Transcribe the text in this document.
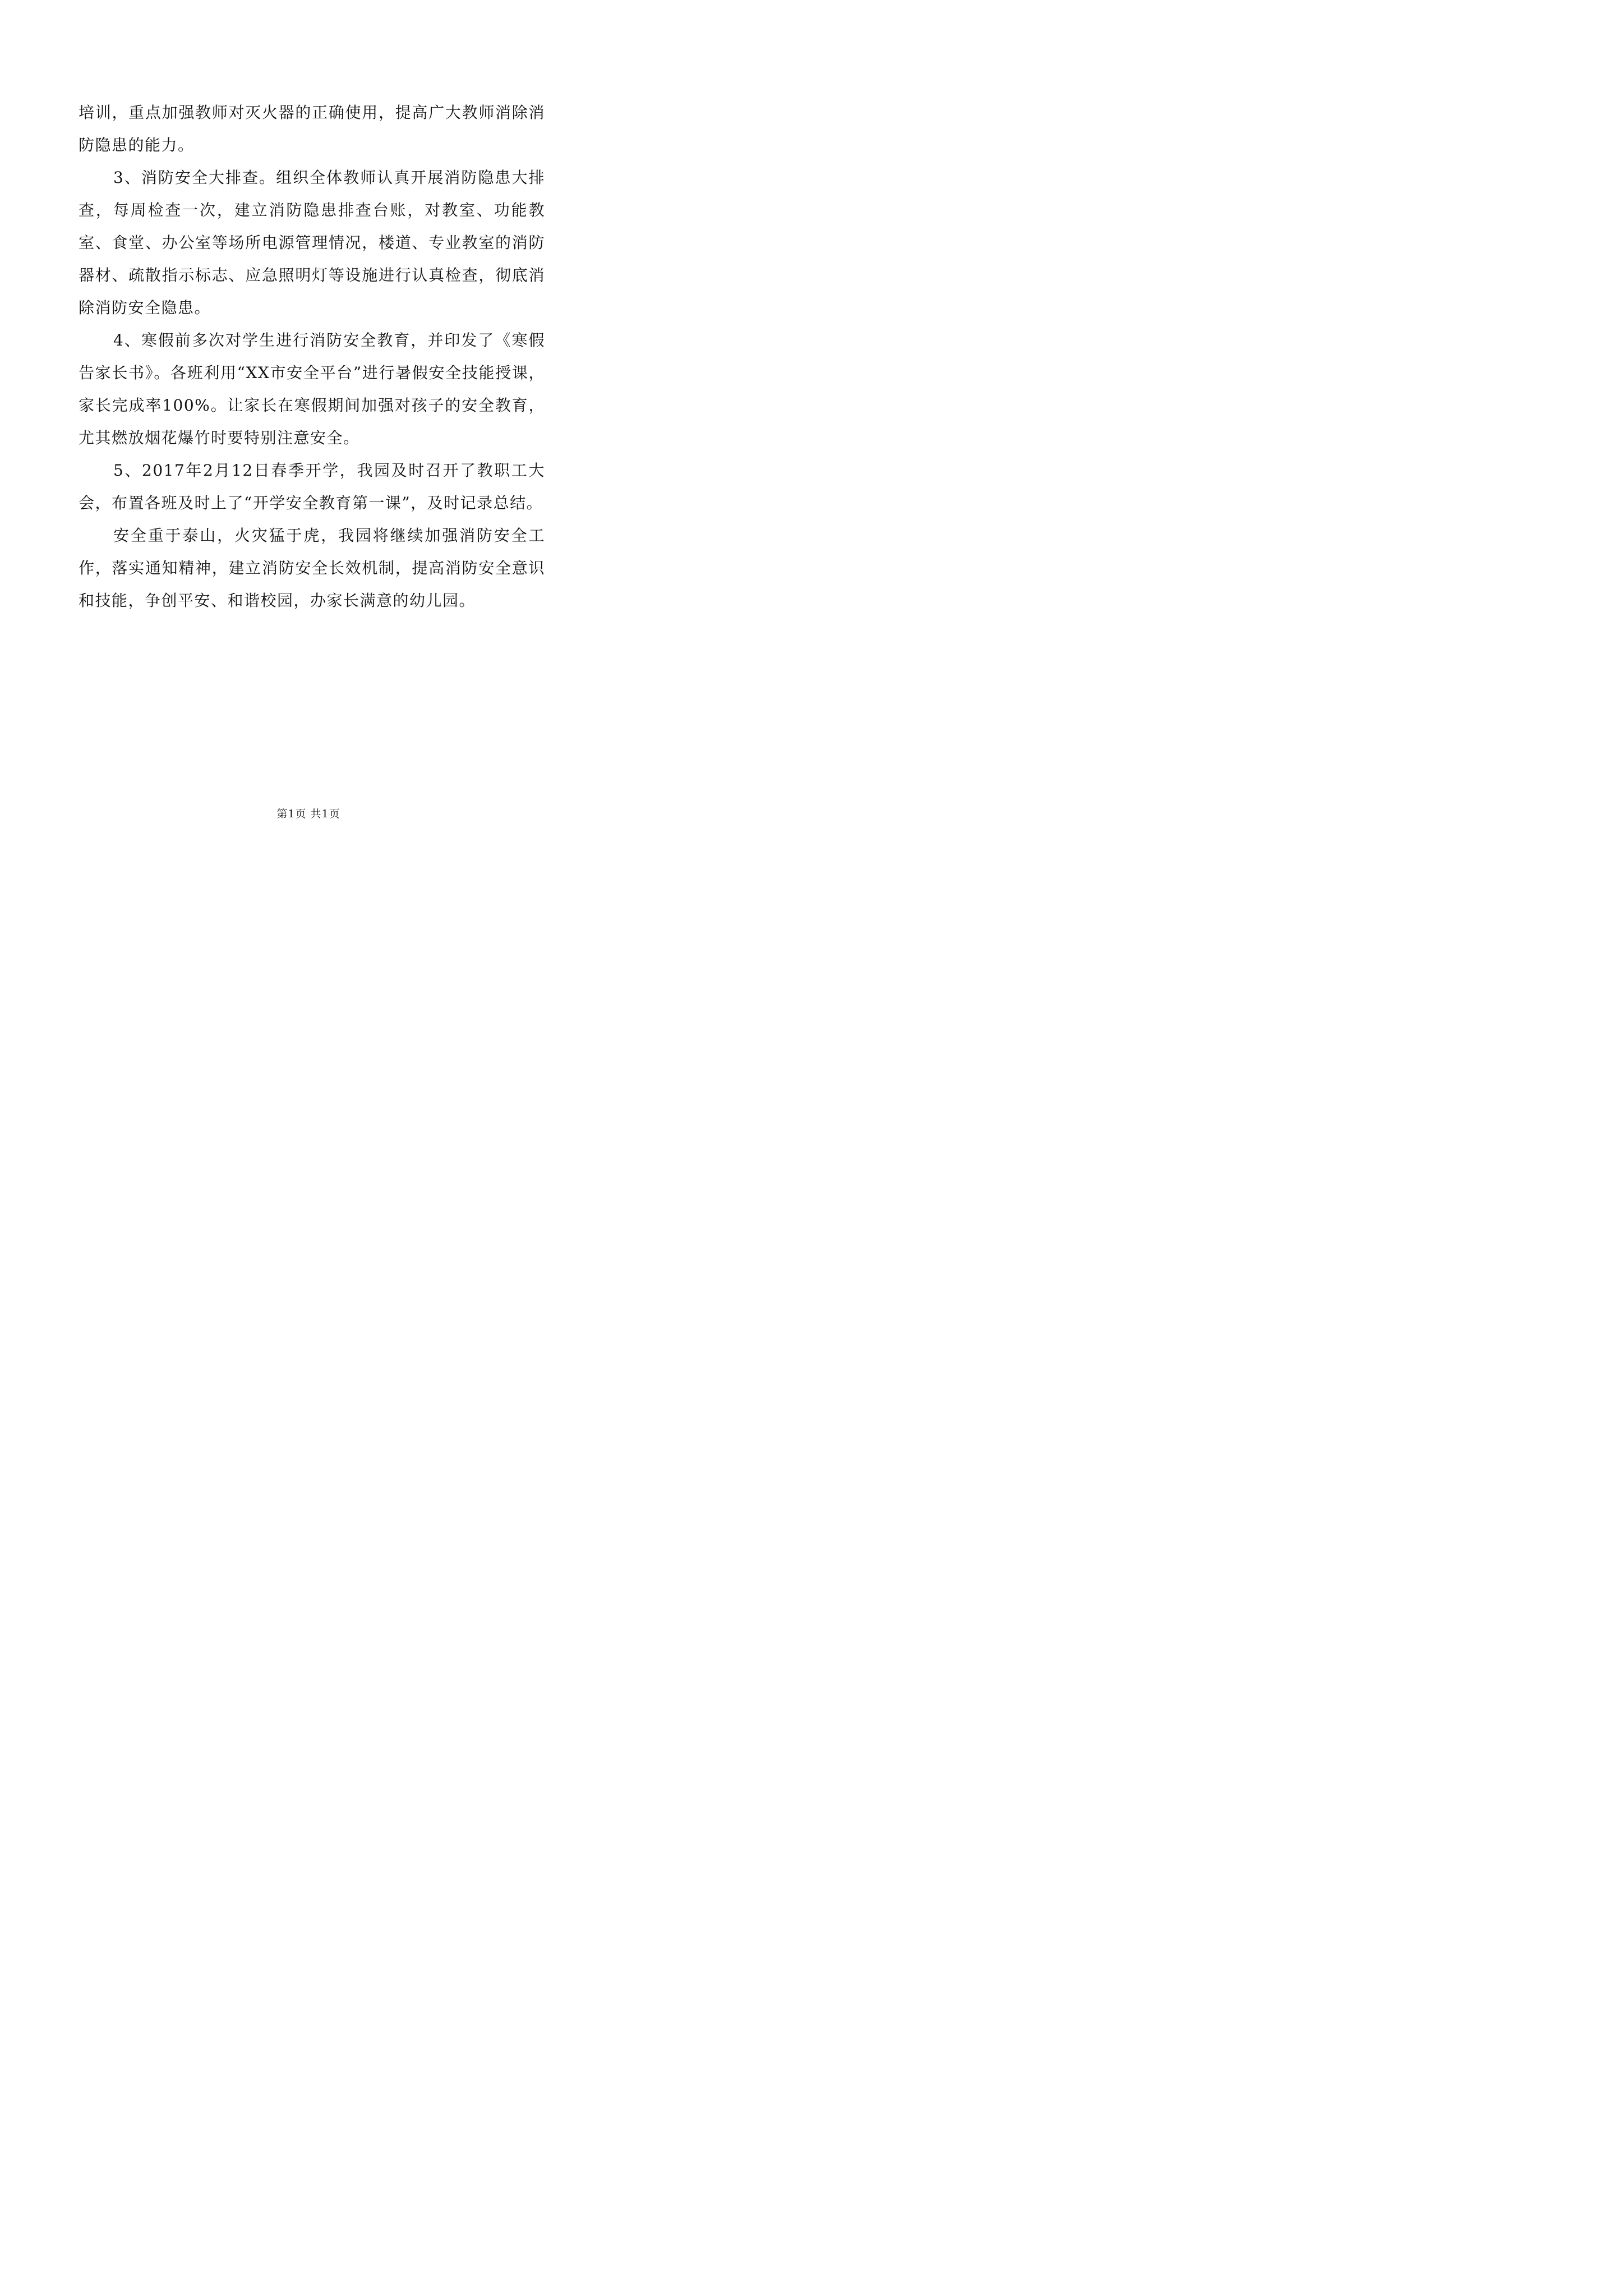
培训，重点加强教师对灭火器的正确使用，提高广大教师消除消防隐患的能力。

3、消防安全大排查。组织全体教师认真开展消防隐患大排查，每周检查一次，建立消防隐患排查台账，对教室、功能教室、食堂、办公室等场所电源管理情况，楼道、专业教室的消防器材、疏散指示标志、应急照明灯等设施进行认真检查，彻底消除消防安全隐患。

4、寒假前多次对学生进行消防安全教育，并印发了《寒假告家长书》。各班利用“XX市安全平台”进行暑假安全技能授课，家长完成率100%。让家长在寒假期间加强对孩子的安全教育，尤其燃放烟花爆竹时要特别注意安全。

5、2017年2月12日春季开学，我园及时召开了教职工大会，布置各班及时上了“开学安全教育第一课”，及时记录总结。

安全重于泰山，火灾猛于虎，我园将继续加强消防安全工作，落实通知精神，建立消防安全长效机制，提高消防安全意识和技能，争创平安、和谐校园，办家长满意的幼儿园。

第1页 共1页
